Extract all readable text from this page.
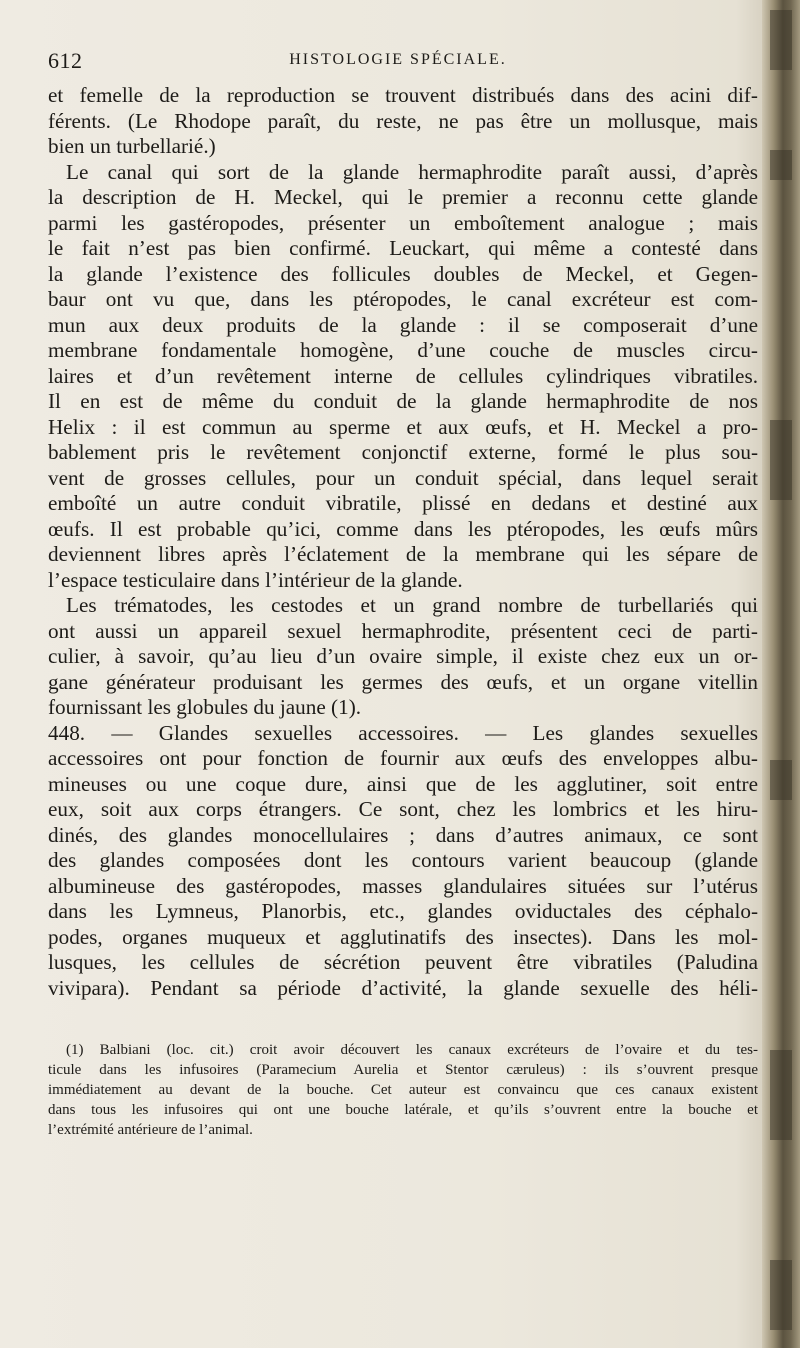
612	HISTOLOGIE SPÉCIALE.
et femelle de la reproduction se trouvent distribués dans des acini dif-
férents. (Le Rhodope paraît, du reste, ne pas être un mollusque, mais
bien un turbellarié.)
Le canal qui sort de la glande hermaphrodite paraît aussi, d’après
la description de H. Meckel, qui le premier a reconnu cette glande
parmi les gastéropodes, présenter un emboîtement analogue ; mais
le fait n’est pas bien confirmé. Leuckart, qui même a contesté dans
la glande l’existence des follicules doubles de Meckel, et Gegen-
baur ont vu que, dans les ptéropodes, le canal excréteur est com-
mun aux deux produits de la glande : il se composerait d’une
membrane fondamentale homogène, d’une couche de muscles circu-
laires et d’un revêtement interne de cellules cylindriques vibratiles.
Il en est de même du conduit de la glande hermaphrodite de nos
Helix : il est commun au sperme et aux œufs, et H. Meckel a pro-
bablement pris le revêtement conjonctif externe, formé le plus sou-
vent de grosses cellules, pour un conduit spécial, dans lequel serait
emboîté un autre conduit vibratile, plissé en dedans et destiné aux
œufs. Il est probable qu’ici, comme dans les ptéropodes, les œufs mûrs
deviennent libres après l’éclatement de la membrane qui les sépare de
l’espace testiculaire dans l’intérieur de la glande.
Les trématodes, les cestodes et un grand nombre de turbellariés qui
ont aussi un appareil sexuel hermaphrodite, présentent ceci de parti-
culier, à savoir, qu’au lieu d’un ovaire simple, il existe chez eux un or-
gane générateur produisant les germes des œufs, et un organe vitellin
fournissant les globules du jaune (1).
448. — Glandes sexuelles accessoires. — Les glandes sexuelles
accessoires ont pour fonction de fournir aux œufs des enveloppes albu-
mineuses ou une coque dure, ainsi que de les agglutiner, soit entre
eux, soit aux corps étrangers. Ce sont, chez les lombrics et les hiru-
dinés, des glandes monocellulaires ; dans d’autres animaux, ce sont
des glandes composées dont les contours varient beaucoup (glande
albumineuse des gastéropodes, masses glandulaires situées sur l’utérus
dans les Lymneus, Planorbis, etc., glandes oviductales des céphalo-
podes, organes muqueux et agglutinatifs des insectes). Dans les mol-
lusques, les cellules de sécrétion peuvent être vibratiles (Paludina
vivipara). Pendant sa période d’activité, la glande sexuelle des héli-
(1) Balbiani (loc. cit.) croit avoir découvert les canaux excréteurs de l’ovaire et du tes-
ticule dans les infusoires (Paramecium Aurelia et Stentor cæruleus) : ils s’ouvrent presque
immédiatement au devant de la bouche. Cet auteur est convaincu que ces canaux existent
dans tous les infusoires qui ont une bouche latérale, et qu’ils s’ouvrent entre la bouche et
l’extrémité antérieure de l’animal.
